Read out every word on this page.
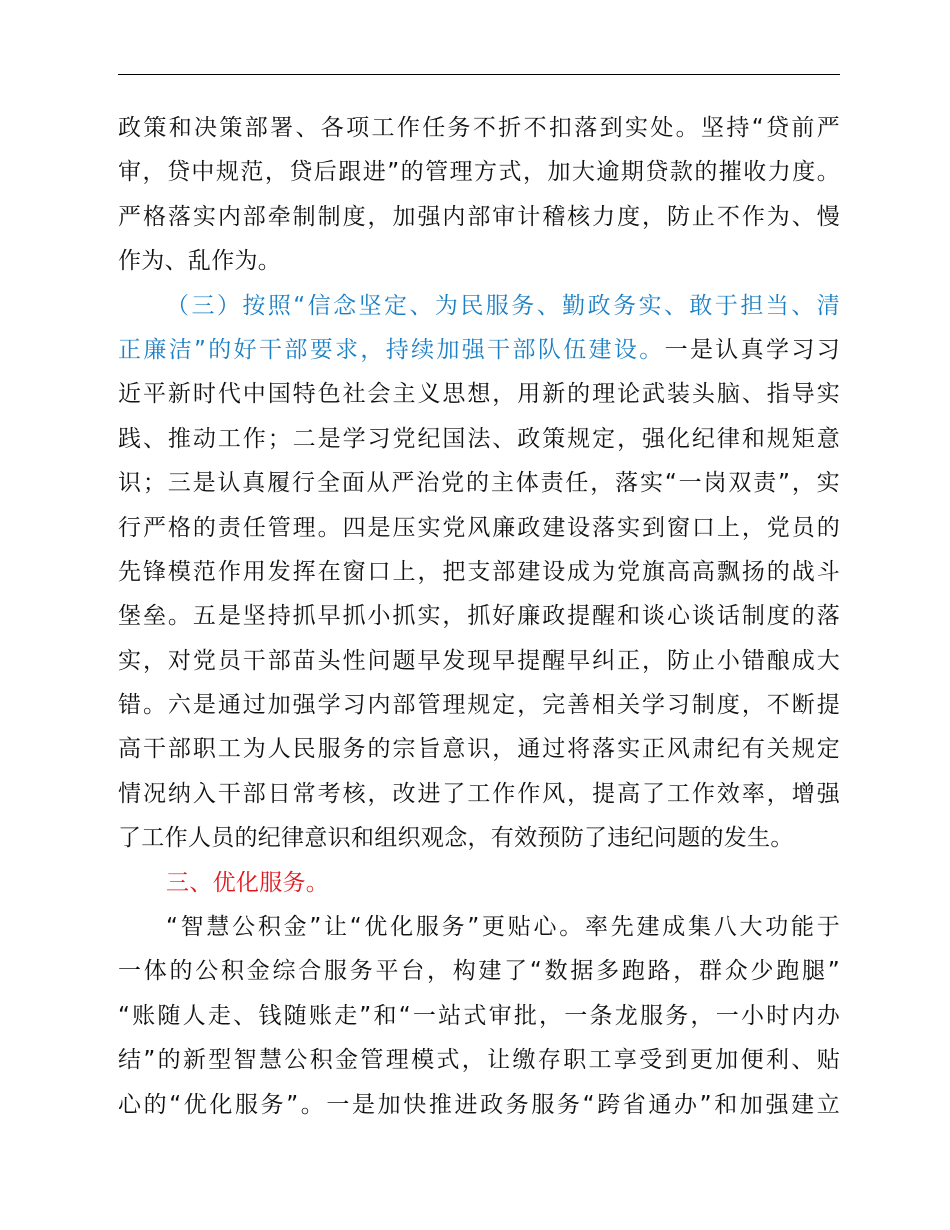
政策和决策部署、各项工作任务不折不扣落到实处。坚持“贷前严
审，贷中规范，贷后跟进”的管理方式，加大逾期贷款的摧收力度。
严格落实内部牵制制度，加强内部审计稽核力度，防止不作为、慢
作为、乱作为。
（三）按照“信念坚定、为民服务、勤政务实、敢于担当、清
正廉洁”的好干部要求，持续加强干部队伍建设。一是认真学习习
近平新时代中国特色社会主义思想，用新的理论武装头脑、指导实
践、推动工作；二是学习党纪国法、政策规定，强化纪律和规矩意
识；三是认真履行全面从严治党的主体责任，落实“一岗双责”，实
行严格的责任管理。四是压实党风廉政建设落实到窗口上，党员的
先锋模范作用发挥在窗口上，把支部建设成为党旗高高飘扬的战斗
堡垒。五是坚持抓早抓小抓实，抓好廉政提醒和谈心谈话制度的落
实，对党员干部苗头性问题早发现早提醒早纠正，防止小错酿成大
错。六是通过加强学习内部管理规定，完善相关学习制度，不断提
高干部职工为人民服务的宗旨意识，通过将落实正风肃纪有关规定
情况纳入干部日常考核，改进了工作作风，提高了工作效率，增强
了工作人员的纪律意识和组织观念，有效预防了违纪问题的发生。
三、优化服务。
“智慧公积金”让“优化服务”更贴心。率先建成集八大功能于
一体的公积金综合服务平台，构建了“数据多跑路，群众少跑腿”
“账随人走、钱随账走”和“一站式审批，一条龙服务，一小时内办
结”的新型智慧公积金管理模式，让缴存职工享受到更加便利、贴
心的“优化服务”。一是加快推进政务服务“跨省通办”和加强建立
